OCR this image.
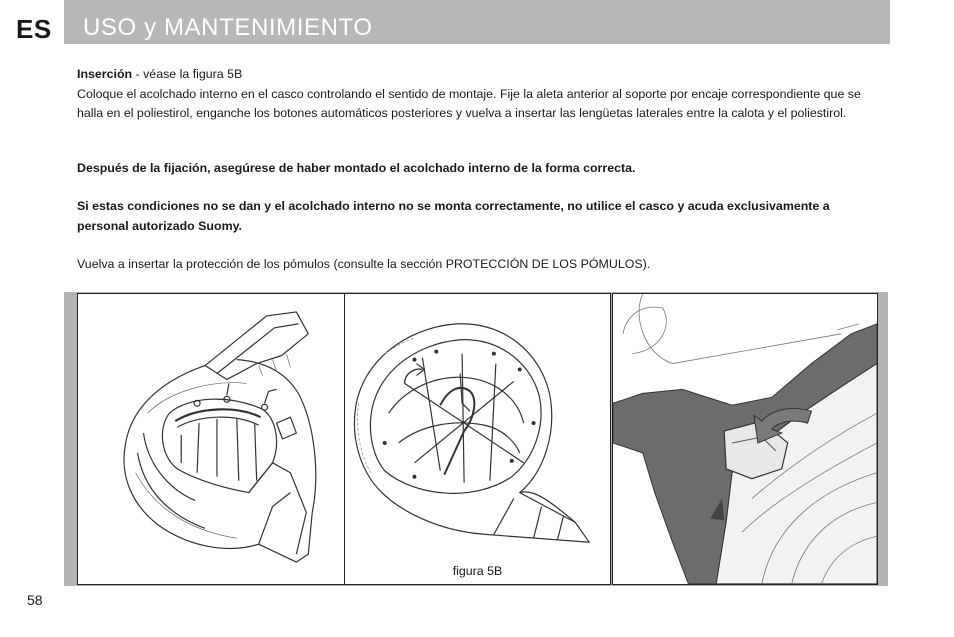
ES USO y MANTENIMIENTO
Inserción - véase la figura 5B
Coloque el acolchado interno en el casco controlando el sentido de montaje. Fije la aleta anterior al soporte por encaje correspondiente que se halla en el poliestirol, enganche los botones automáticos posteriores y vuelva a insertar las lengüetas laterales entre la calota y el poliestirol.
Después de la fijación, asegúrese de haber montado el acolchado interno de la forma correcta.
Si estas condiciones no se dan y el acolchado interno no se monta correctamente, no utilice el casco y acuda exclusivamente a personal autorizado Suomy.
Vuelva a insertar la protección de los pómulos (consulte la sección PROTECCIÓN DE LOS PÓMULOS).
figura 5B
58
